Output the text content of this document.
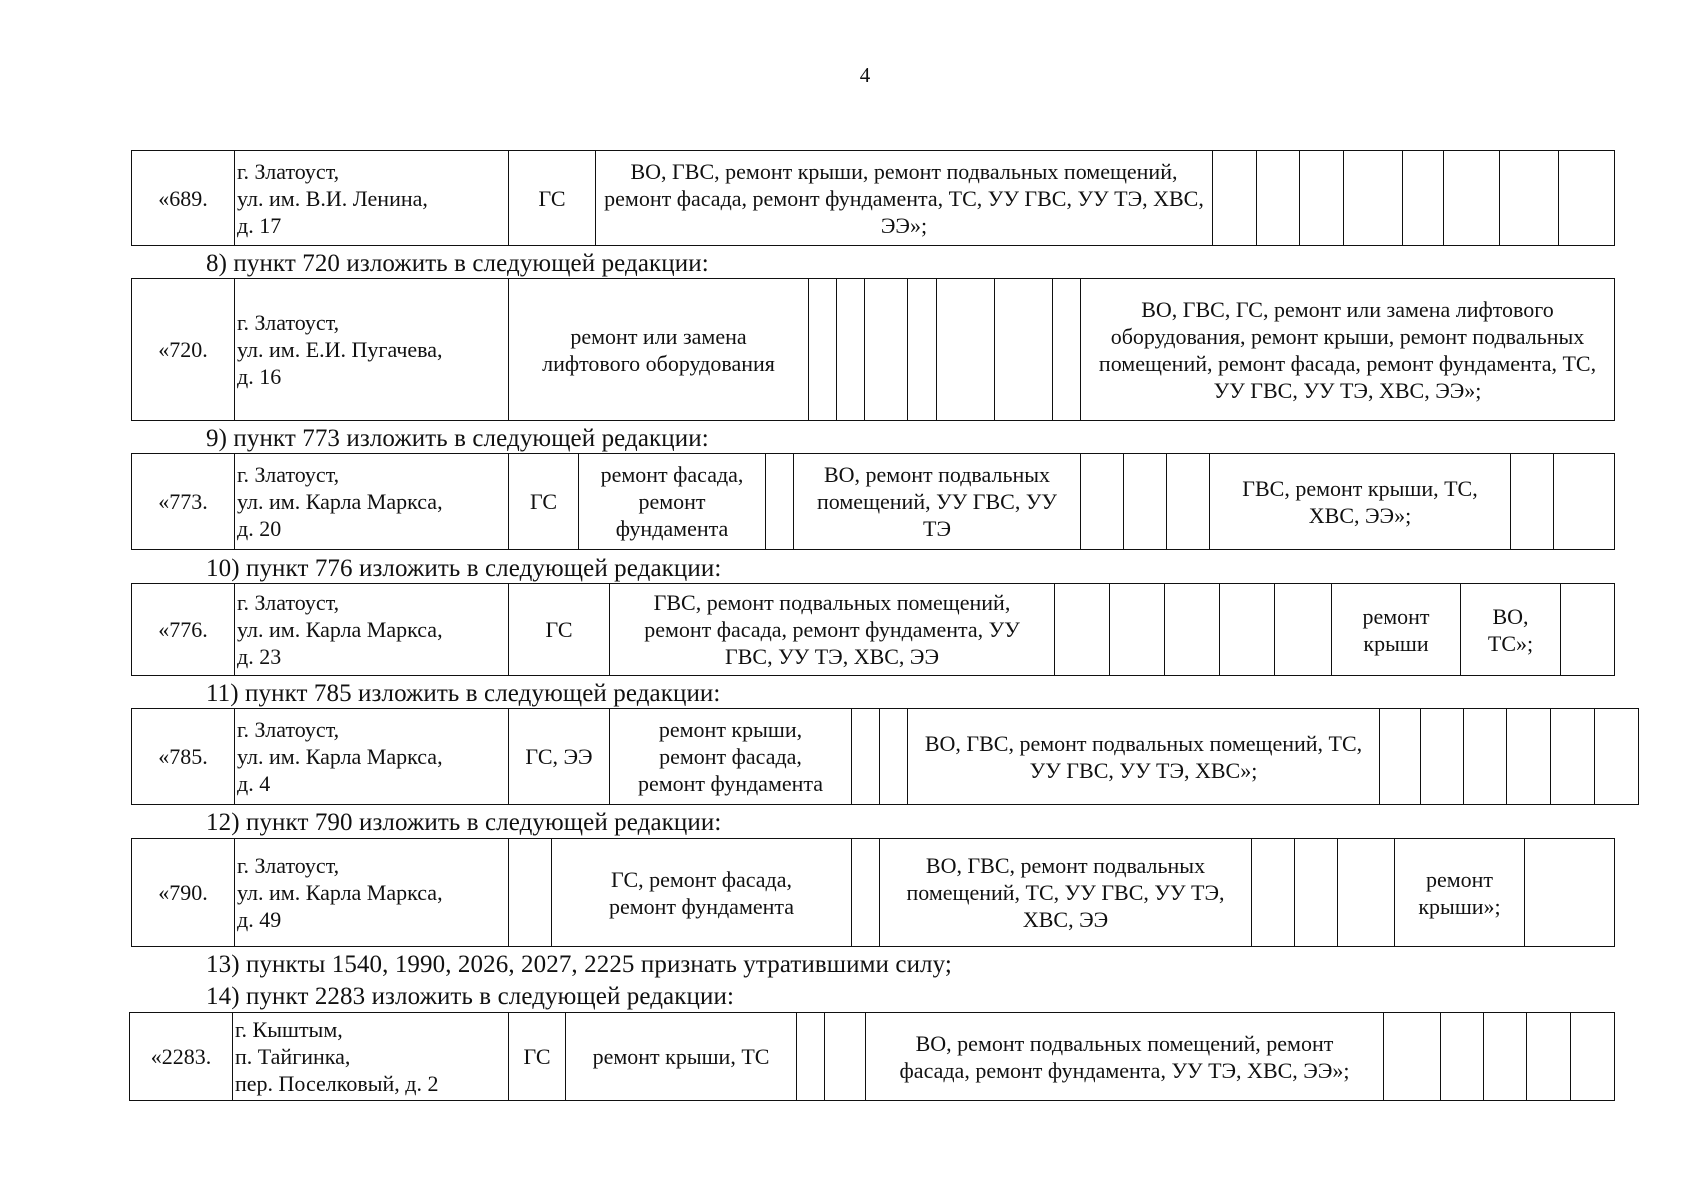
4
«689.	г. Златоуст,
ул. им. В.И. Ленина,
д. 17	ГС	ВО, ГВС, ремонт крыши, ремонт подвальных помещений, ремонт фасада, ремонт фундамента, ТС, УУ ГВС, УУ ТЭ, ХВС, ЭЭ»;								
8) пункт 720 изложить в следующей редакции:
«720.	г. Златоуст,
ул. им. Е.И. Пугачева,
д. 16	ремонт или замена лифтового оборудования								ВО, ГВС, ГС, ремонт или замена лифтового оборудования, ремонт крыши, ремонт подвальных помещений, ремонт фасада, ремонт фундамента, ТС, УУ ГВС, УУ ТЭ, ХВС, ЭЭ»;
9) пункт 773 изложить в следующей редакции:
«773.	г. Златоуст,
ул. им. Карла Маркса,
д. 20	ГС	ремонт фасада, ремонт фундамента		ВО, ремонт подвальных помещений, УУ ГВС, УУ ТЭ				ГВС, ремонт крыши, ТС, ХВС, ЭЭ»;		
10) пункт 776 изложить в следующей редакции:
«776.	г. Златоуст,
ул. им. Карла Маркса,
д. 23	ГС	ГВС, ремонт подвальных помещений, ремонт фасада, ремонт фундамента, УУ ГВС, УУ ТЭ, ХВС, ЭЭ						ремонт крыши	ВО, ТС»;	
11) пункт 785 изложить в следующей редакции:
«785.	г. Златоуст,
ул. им. Карла Маркса,
д. 4	ГС, ЭЭ	ремонт крыши, ремонт фасада, ремонт фундамента			ВО, ГВС, ремонт подвальных помещений, ТС, УУ ГВС, УУ ТЭ, ХВС»;						
12) пункт 790 изложить в следующей редакции:
«790.	г. Златоуст,
ул. им. Карла Маркса,
д. 49		ГС, ремонт фасада, ремонт фундамента		ВО, ГВС, ремонт подвальных помещений, ТС, УУ ГВС, УУ ТЭ, ХВС, ЭЭ				ремонт крыши»;	
13) пункты 1540, 1990, 2026, 2027, 2225 признать утратившими силу;
14) пункт 2283 изложить в следующей редакции:
«2283.	г. Кыштым,
п. Тайгинка,
пер. Поселковый, д. 2	ГС	ремонт крыши, ТС			ВО, ремонт подвальных помещений, ремонт фасада, ремонт фундамента, УУ ТЭ, ХВС, ЭЭ»;					
